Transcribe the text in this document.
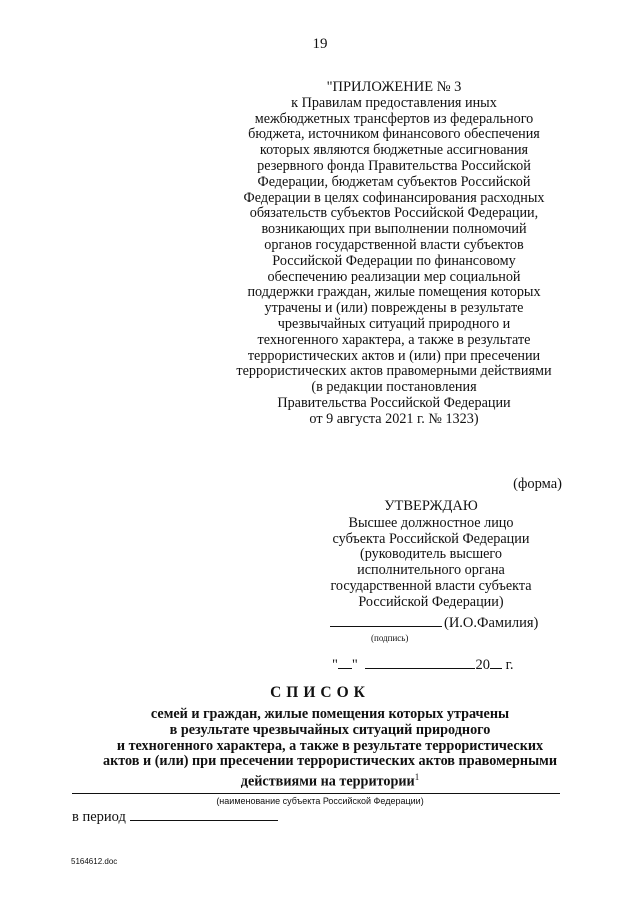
19
"ПРИЛОЖЕНИЕ № 3
к Правилам предоставления иных
межбюджетных трансфертов из федерального
бюджета, источником финансового обеспечения
которых являются бюджетные ассигнования
резервного фонда Правительства Российской
Федерации, бюджетам субъектов Российской
Федерации в целях софинансирования расходных
обязательств субъектов Российской Федерации,
возникающих при выполнении полномочий
органов государственной власти субъектов
Российской Федерации по финансовому
обеспечению реализации мер социальной
поддержки граждан, жилые помещения которых
утрачены и (или) повреждены в результате
чрезвычайных ситуаций природного и
техногенного характера, а также в результате
террористических актов и (или) при пресечении
террористических актов правомерными действиями
(в редакции постановления
Правительства Российской Федерации
от 9 августа 2021 г. № 1323)
(форма)
УТВЕРЖДАЮ
Высшее должностное лицо
субъекта Российской Федерации
(руководитель высшего
исполнительного органа
государственной власти субъекта
Российской Федерации)
(И.О.Фамилия)
(подпись)
" "	20 г.
СПИСОК
семей и граждан, жилые помещения которых утрачены
в результате чрезвычайных ситуаций природного
и техногенного характера, а также в результате террористических
актов и (или) при пресечении террористических актов правомерными
действиями на территории$^1$
(наименование субъекта Российской Федерации)
в период
5164612.doc
